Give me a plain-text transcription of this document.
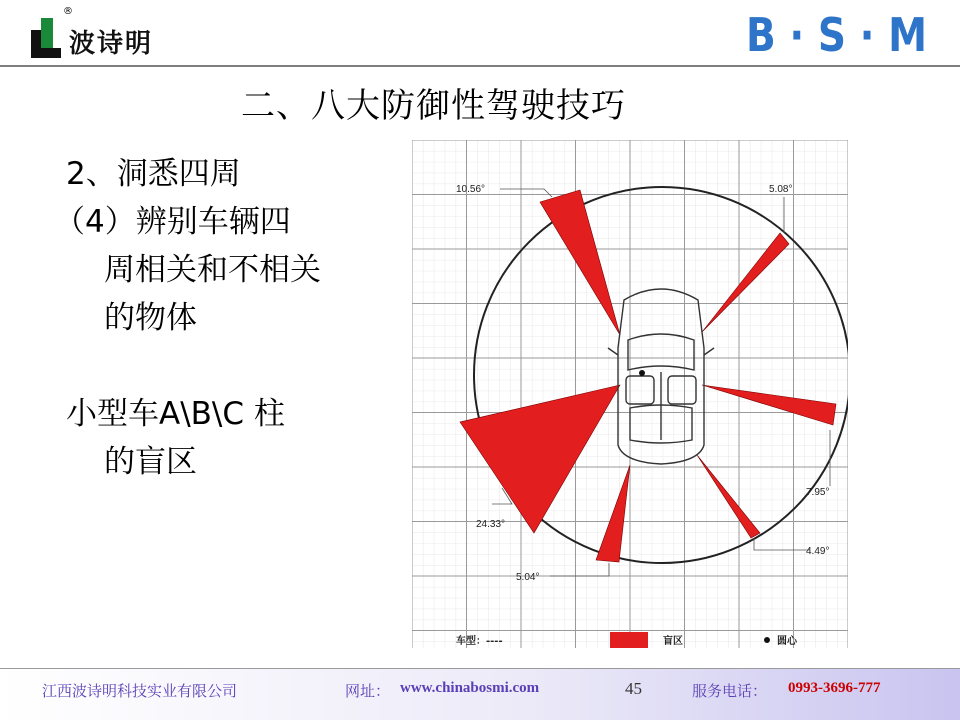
®
波诗明	B · S · M
二、八大防御性驾驶技巧
2、洞悉四周
（4）辨别车辆四
周相关和不相关
的物体
小型车A\B\C 柱
的盲区
10.56°	5.08°
7.95°
4.49°
5.04°
24.33°
车型：----	盲区	圆心
江西波诗明科技实业有限公司	网址： www.chinabosmi.com	45	服务电话： 0993-3696-777
